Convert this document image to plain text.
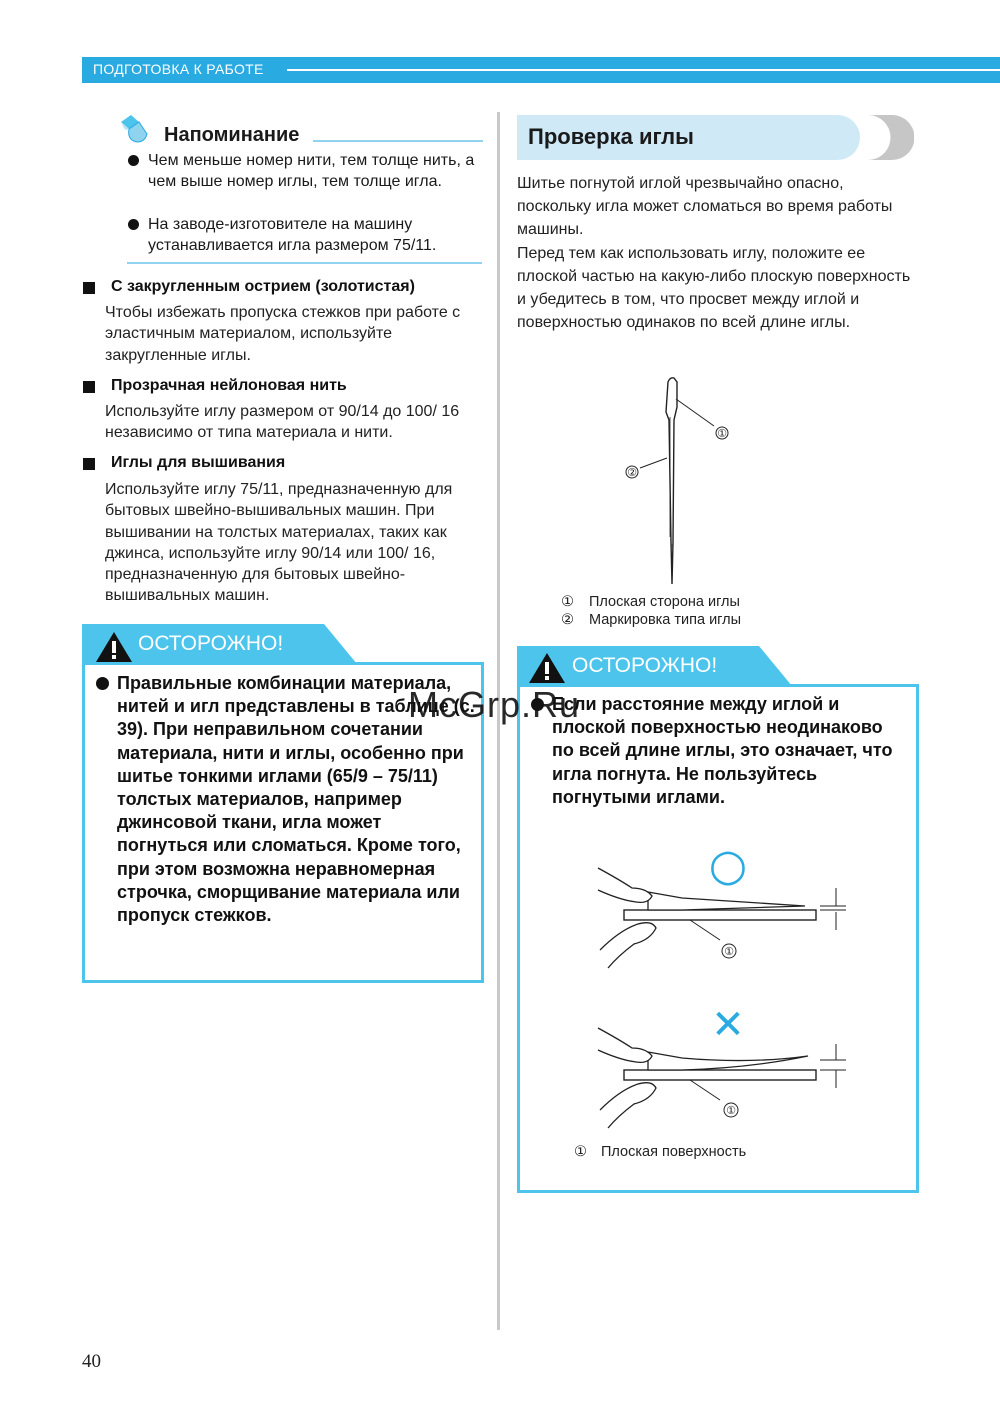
ПОДГОТОВКА К РАБОТЕ
Напоминание
Чем меньше номер нити, тем толще нить, а чем выше номер иглы, тем толще игла.
На заводе-изготовителе на машину устанавливается игла размером 75/11.
С закругленным острием (золотистая)
Чтобы избежать пропуска стежков при работе с эластичным материалом, используйте закругленные иглы.
Прозрачная нейлоновая нить
Используйте иглу размером от 90/14 до 100/ 16 независимо от типа материала и нити.
Иглы для вышивания
Используйте иглу 75/11, предназначенную для бытовых швейно-вышивальных машин. При вышивании на толстых материалах, таких как джинса, используйте иглу 90/14 или 100/ 16, предназначенную для бытовых швейно-вышивальных машин.
ОСТОРОЖНО!
Правильные комбинации материала, нитей и игл представлены в таблице (с. 39). При неправильном сочетании материала, нити и иглы, особенно при шитье тонкими иглами (65/9 – 75/11) толстых материалов, например джинсовой ткани, игла может погнуться или сломаться. Кроме того, при этом возможна неравномерная строчка, сморщивание материала или пропуск стежков.
Проверка иглы
Шитье погнутой иглой чрезвычайно опасно, поскольку игла может сломаться во время работы машины.
Перед тем как использовать иглу, положите ее плоской частью на какую-либо плоскую поверхность и убедитесь в том, что просвет между иглой и поверхностью одинаков по всей длине иглы.
①
②
① Плоская сторона иглы
② Маркировка типа иглы
ОСТОРОЖНО!
Если расстояние между иглой и плоской поверхностью неодинаково по всей длине иглы, это означает, что игла погнута. Не пользуйтесь погнутыми иглами.
○
①
✕
①
① Плоская поверхность
McGrp.Ru
40
